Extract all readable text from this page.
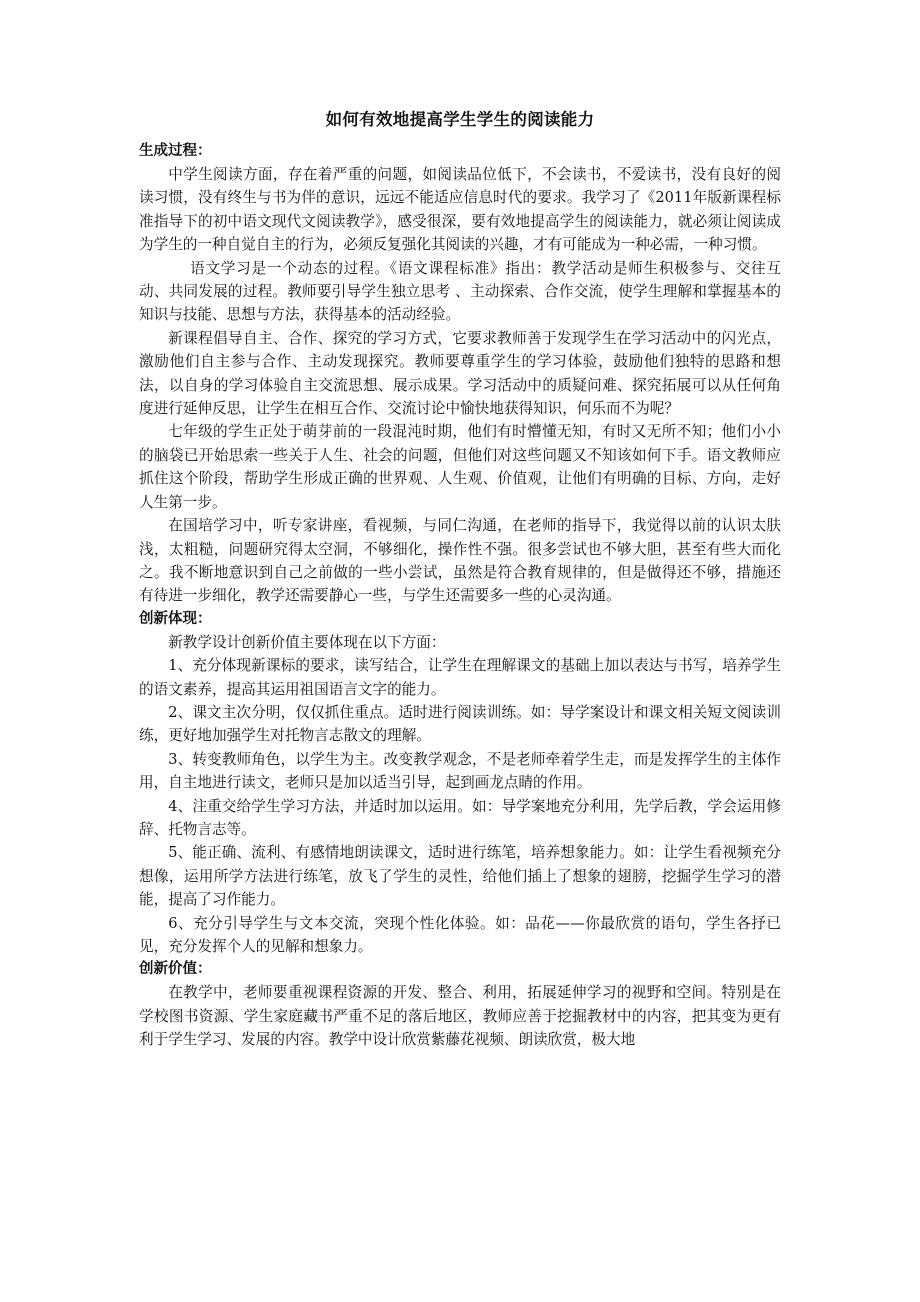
如何有效地提高学生学生的阅读能力

生成过程：

中学生阅读方面，存在着严重的问题，如阅读品位低下，不会读书，不爱读书，没有良好的阅读习惯，没有终生与书为伴的意识，远远不能适应信息时代的要求。我学习了《2011年版新课程标准指导下的初中语文现代文阅读教学》，感受很深，要有效地提高学生的阅读能力，就必须让阅读成为学生的一种自觉自主的行为，必须反复强化其阅读的兴趣，才有可能成为一种必需，一种习惯。

语文学习是一个动态的过程。《语文课程标准》指出：教学活动是师生积极参与、交往互动、共同发展的过程。教师要引导学生独立思考 、主动探索、合作交流，使学生理解和掌握基本的知识与技能、思想与方法，获得基本的活动经验。

新课程倡导自主、合作、探究的学习方式，它要求教师善于发现学生在学习活动中的闪光点，激励他们自主参与合作、主动发现探究。教师要尊重学生的学习体验，鼓励他们独特的思路和想法，以自身的学习体验自主交流思想、展示成果。学习活动中的质疑问难、探究拓展可以从任何角度进行延伸反思，让学生在相互合作、交流讨论中愉快地获得知识，何乐而不为呢？

七年级的学生正处于萌芽前的一段混沌时期，他们有时懵懂无知，有时又无所不知；他们小小的脑袋已开始思索一些关于人生、社会的问题，但他们对这些问题又不知该如何下手。语文教师应抓住这个阶段，帮助学生形成正确的世界观、人生观、价值观，让他们有明确的目标、方向，走好人生第一步。

在国培学习中，听专家讲座，看视频，与同仁沟通，在老师的指导下，我觉得以前的认识太肤浅，太粗糙，问题研究得太空洞，不够细化，操作性不强。很多尝试也不够大胆，甚至有些大而化之。我不断地意识到自己之前做的一些小尝试，虽然是符合教育规律的，但是做得还不够，措施还有待进一步细化，教学还需要静心一些，与学生还需要多一些的心灵沟通。

创新体现：

新教学设计创新价值主要体现在以下方面：

1、充分体现新课标的要求，读写结合，让学生在理解课文的基础上加以表达与书写，培养学生的语文素养，提高其运用祖国语言文字的能力。

2、课文主次分明，仅仅抓住重点。适时进行阅读训练。如：导学案设计和课文相关短文阅读训练，更好地加强学生对托物言志散文的理解。

3、转变教师角色，以学生为主。改变教学观念，不是老师牵着学生走，而是发挥学生的主体作用，自主地进行读文，老师只是加以适当引导，起到画龙点睛的作用。

4、注重交给学生学习方法，并适时加以运用。如：导学案地充分利用，先学后教，学会运用修辞、托物言志等。

5、能正确、流利、有感情地朗读课文，适时进行练笔，培养想象能力。如：让学生看视频充分想像，运用所学方法进行练笔，放飞了学生的灵性，给他们插上了想象的翅膀，挖掘学生学习的潜能，提高了习作能力。

6、充分引导学生与文本交流，突现个性化体验。如：品花——你最欣赏的语句，学生各抒已见，充分发挥个人的见解和想象力。

创新价值：

在教学中，老师要重视课程资源的开发、整合、利用，拓展延伸学习的视野和空间。特别是在学校图书资源、学生家庭藏书严重不足的落后地区，教师应善于挖掘教材中的内容，把其变为更有利于学生学习、发展的内容。教学中设计欣赏紫藤花视频、朗读欣赏，极大地
